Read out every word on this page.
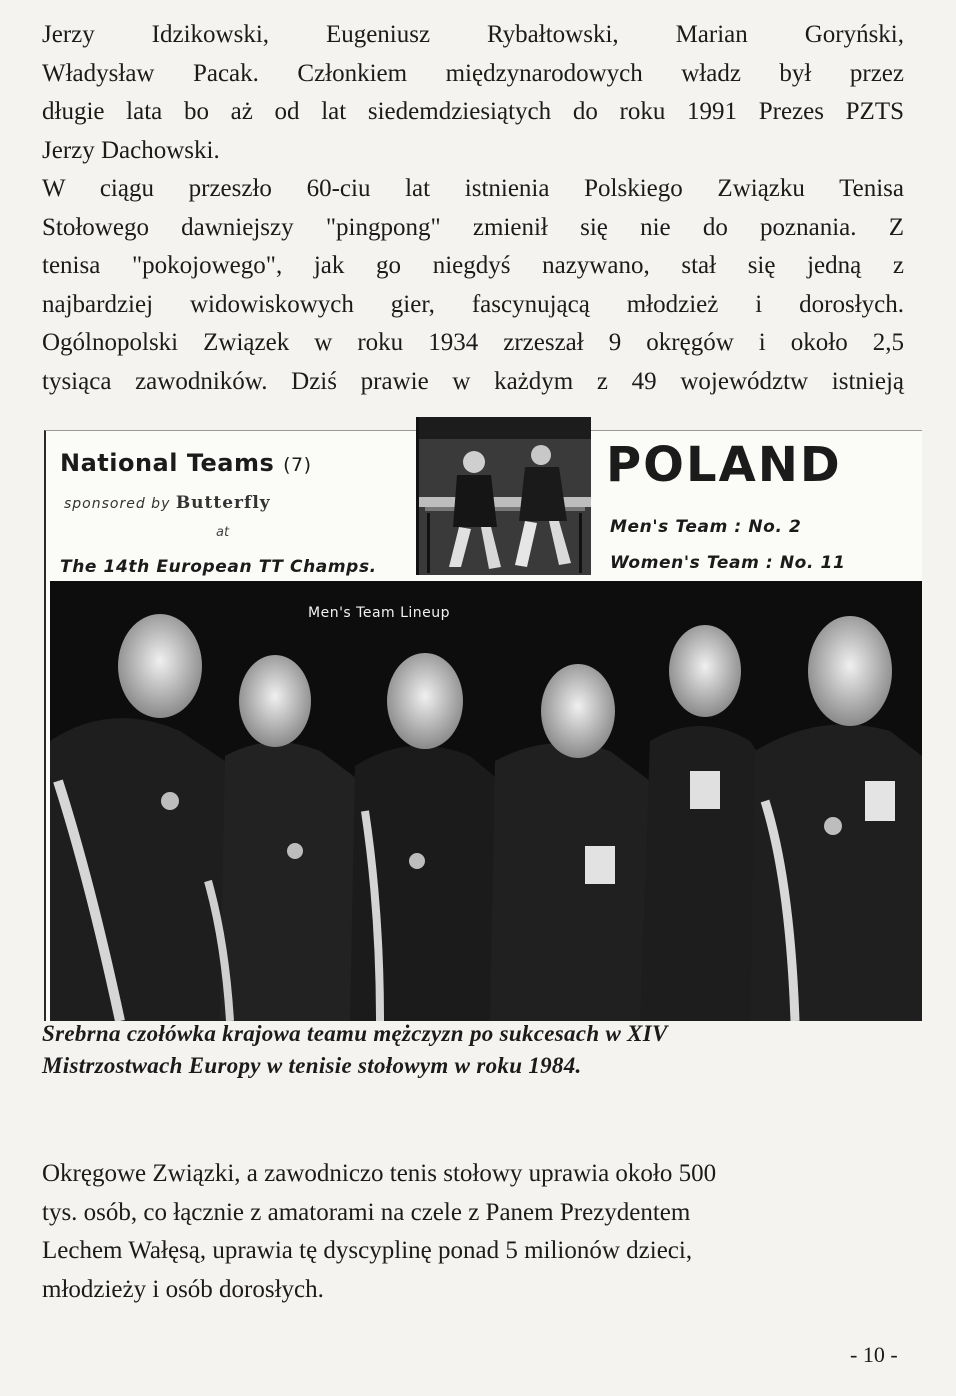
Jerzy Idzikowski, Eugeniusz Rybałtowski, Marian Goryński,
Władysław Pacak. Członkiem międzynarodowych władz był przez
długie lata bo aż od lat siedemdziesiątych do roku 1991 Prezes PZTS
Jerzy Dachowski.

W ciągu przeszło 60-ciu lat istnienia Polskiego Związku Tenisa
Stołowego dawniejszy "pingpong" zmienił się nie do poznania. Z
tenisa "pokojowego", jak go niegdyś nazywano, stał się jedną z
najbardziej widowiskowych gier, fascynującą młodzież i dorosłych.
Ogólnopolski Związek w roku 1934 zrzeszał 9 okręgów i około 2,5
tysiąca zawodników. Dziś prawie w każdym z 49 województw istnieją

National Teams (7)
sponsored by Butterfly
at
The 14th European TT Champs.
POLAND
Men's Team : No. 2
Women's Team : No. 11
Men's Team Lineup
Srebrna czołówka krajowa teamu mężczyzn po sukcesach w XIV
Mistrzostwach Europy w tenisie stołowym w roku 1984.

Okręgowe Związki, a zawodniczo tenis stołowy uprawia około 500
tys. osób, co łącznie z amatorami na czele z Panem Prezydentem
Lechem Wałęsą, uprawia tę dyscyplinę ponad 5 milionów dzieci,
młodzieży i osób dorosłych.

- 10 -
